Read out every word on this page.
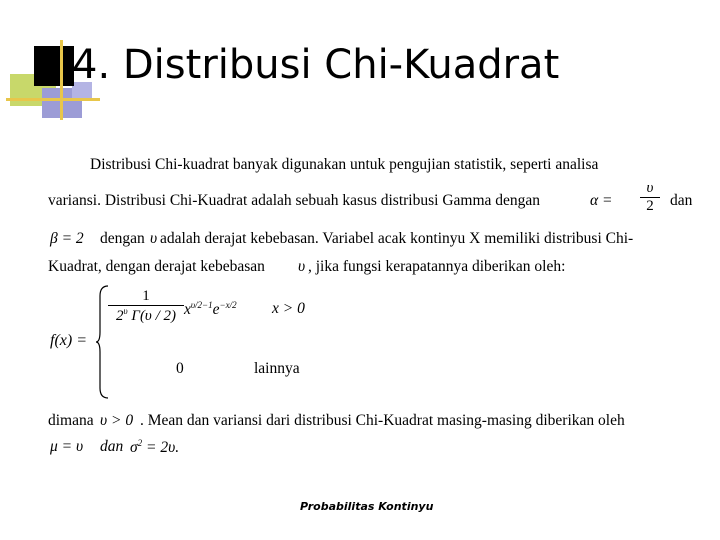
4. Distribusi Chi-Kuadrat
Distribusi Chi-kuadrat banyak digunakan untuk pengujian statistik, seperti analisa
variansi. Distribusi Chi-Kuadrat adalah sebuah kasus distribusi Gamma dengan	$\alpha = \frac{\upsilon}{2}$ dan
β = 2 dengan υ adalah derajat kebebasan. Variabel acak kontinyu X memiliki distribusi Chi-
Kuadrat, dengan derajat kebebasan υ , jika fungsi kerapatannya diberikan oleh:
f(x) =
$\frac{1}{2^\upsilon \Gamma(\upsilon / 2)} x^{\upsilon/2-1}e^{-x/2}$ x > 0
0	lainnya
dimana υ > 0 . Mean dan variansi dari distribusi Chi-Kuadrat masing-masing diberikan oleh
μ = υ dan $\sigma^2 = 2\upsilon$.
Probabilitas Kontinyu
